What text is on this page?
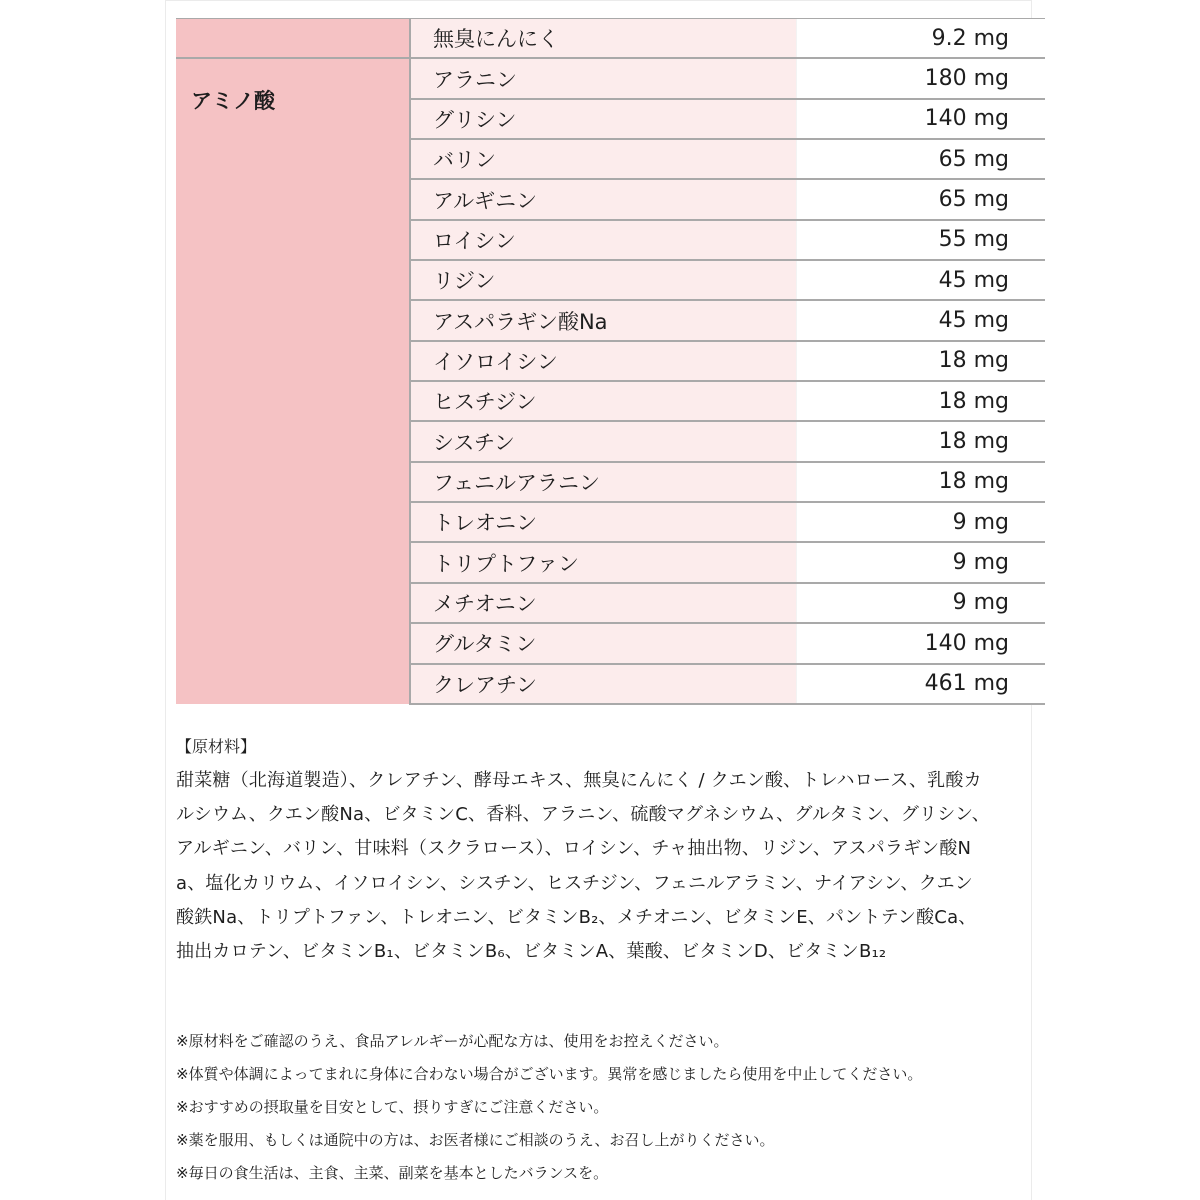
	無臭にんにく	9.2 mg

アミノ酸	アラニン	180 mg
	グリシン	140 mg
	バリン	65 mg
	アルギニン	65 mg
	ロイシン	55 mg
	リジン	45 mg
	アスパラギン酸Na	45 mg
	イソロイシン	18 mg
	ヒスチジン	18 mg
	シスチン	18 mg
	フェニルアラニン	18 mg
	トレオニン	9 mg
	トリプトファン	9 mg
	メチオニン	9 mg
	グルタミン	140 mg
	クレアチン	461 mg

【原材料】

甜菜糖（北海道製造）、クレアチン、酵母エキス、無臭にんにく / クエン酸、トレハロース、乳酸カルシウム、クエン酸Na、ビタミンC、香料、アラニン、硫酸マグネシウム、グルタミン、グリシン、アルギニン、バリン、甘味料（スクラロース）、ロイシン、チャ抽出物、リジン、アスパラギン酸Na、塩化カリウム、イソロイシン、シスチン、ヒスチジン、フェニルアラミン、ナイアシン、クエン酸鉄Na、トリプトファン、トレオニン、ビタミンB₂、メチオニン、ビタミンE、パントテン酸Ca、抽出カロテン、ビタミンB₁、ビタミンB₆、ビタミンA、葉酸、ビタミンD、ビタミンB₁₂

※原材料をご確認のうえ、食品アレルギーが心配な方は、使用をお控えください。
※体質や体調によってまれに身体に合わない場合がございます。異常を感じましたら使用を中止してください。
※おすすめの摂取量を目安として、摂りすぎにご注意ください。
※薬を服用、もしくは通院中の方は、お医者様にご相談のうえ、お召し上がりください。
※毎日の食生活は、主食、主菜、副菜を基本としたバランスを。
